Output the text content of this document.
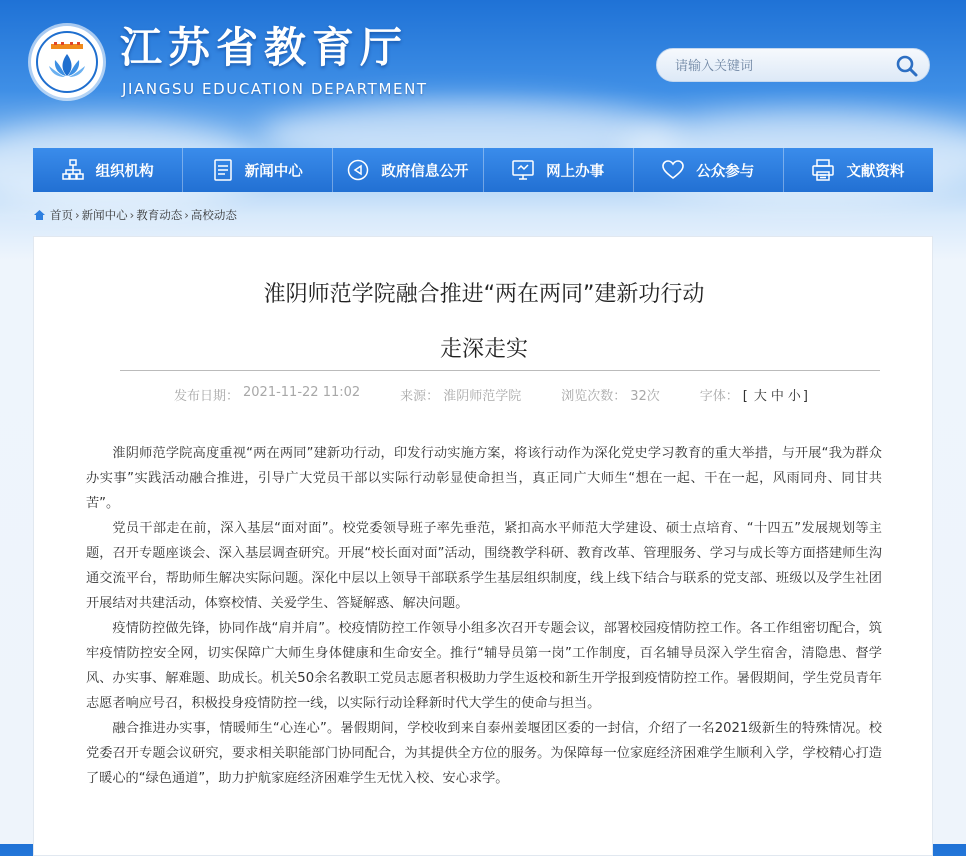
江苏省教育厅
JIANGSU EDUCATION DEPARTMENT
请输入关键词
组织机构	新闻中心	政府信息公开	网上办事	公众参与	文献资料
首页 › 新闻中心 › 教育动态 › 高校动态
淮阴师范学院融合推进“两在两同”建新功行动
走深走实
发布日期： 2021-11-22 11:02	来源： 淮阴师范学院	浏览次数： 32次	字体： [ 大 中 小 ]

淮阴师范学院高度重视“两在两同”建新功行动，印发行动实施方案，将该行动作为深化党史学习教育的重大举措，与开展“我为群众办实事”实践活动融合推进，引导广大党员干部以实际行动彰显使命担当，真正同广大师生“想在一起、干在一起，风雨同舟、同甘共苦”。

党员干部走在前，深入基层“面对面”。校党委领导班子率先垂范，紧扣高水平师范大学建设、硕士点培育、“十四五”发展规划等主题，召开专题座谈会、深入基层调查研究。开展“校长面对面”活动，围绕教学科研、教育改革、管理服务、学习与成长等方面搭建师生沟通交流平台，帮助师生解决实际问题。深化中层以上领导干部联系学生基层组织制度，线上线下结合与联系的党支部、班级以及学生社团开展结对共建活动，体察校情、关爱学生、答疑解惑、解决问题。

疫情防控做先锋，协同作战“肩并肩”。校疫情防控工作领导小组多次召开专题会议，部署校园疫情防控工作。各工作组密切配合，筑牢疫情防控安全网，切实保障广大师生身体健康和生命安全。推行“辅导员第一岗”工作制度，百名辅导员深入学生宿舍，清隐患、督学风、办实事、解难题、助成长。机关50余名教职工党员志愿者积极助力学生返校和新生开学报到疫情防控工作。暑假期间，学生党员青年志愿者响应号召，积极投身疫情防控一线，以实际行动诠释新时代大学生的使命与担当。

融合推进办实事，情暖师生“心连心”。暑假期间，学校收到来自泰州姜堰团区委的一封信，介绍了一名2021级新生的特殊情况。校党委召开专题会议研究，要求相关职能部门协同配合，为其提供全方位的服务。为保障每一位家庭经济困难学生顺利入学，学校精心打造了暖心的“绿色通道”，助力护航家庭经济困难学生无忧入校、安心求学。
